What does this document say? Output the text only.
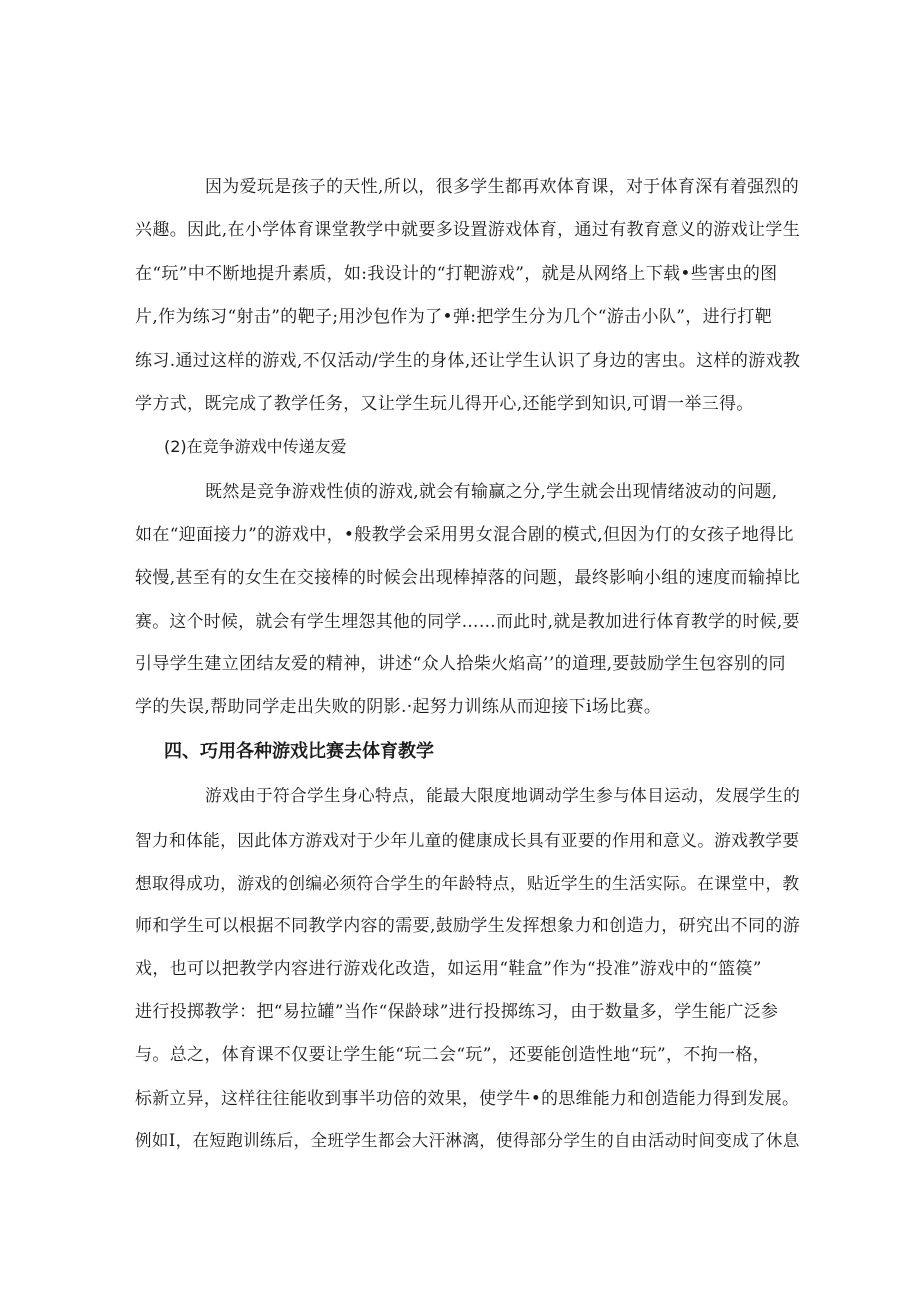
因为爱玩是孩子的天性,所以，很多学生都再欢体育课，对于体育深有着强烈的
兴趣。因此,在小学体育课堂教学中就要多设置游戏体育，通过有教育意义的游戏让学生
在“玩”中不断地提升素质，如:我设计的“打靶游戏”，就是从网络上下载•些害虫的图
片,作为练习“射击”的靶子;用沙包作为了•弹:把学生分为几个“游击小队”，进行打靶
练习.通过这样的游戏,不仅活动/学生的身体,还让学生认识了身边的害虫。这样的游戏教
学方式，既完成了教学任务，又让学生玩儿得开心,还能学到知识,可谓一举三得。
(2)在竞争游戏中传递友爱
既然是竞争游戏性侦的游戏,就会有输赢之分,学生就会出现情绪波动的问题,
如在“迎面接力”的游戏中，•般教学会采用男女混合剧的模式,但因为仃的女孩子地得比
较慢,甚至有的女生在交接棒的时候会出现棒掉落的问题，最终影响小组的速度而输掉比
赛。这个时候，就会有学生埋怨其他的同学……而此时,就是教加进行体育教学的时候,要
引导学生建立团结友爱的精神，讲述“众人拾柴火焰高’’的道理,要鼓励学生包容别的同
学的失误,帮助同学走出失败的阴影.·起努力训练从而迎接下i场比赛。
四、巧用各种游戏比赛去体育教学
游戏由于符合学生身心特点，能最大限度地调动学生参与体目运动，发展学生的
智力和体能，因此体方游戏对于少年儿童的健康成长具有亚要的作用和意义。游戏教学要
想取得成功，游戏的创编必须符合学生的年龄特点，贴近学生的生活实际。在课堂中，教
师和学生可以根据不同教学内容的需要,鼓励学生发挥想象力和创造力，研究出不同的游
戏，也可以把教学内容进行游戏化改造，如运用“鞋盒”作为“投准”游戏中的“篮篌”
进行投掷教学：把“易拉罐”当作“保龄球”进行投掷练习，由于数量多，学生能广泛参
与。总之，体育课不仅要让学生能“玩二会“玩”，还要能创造性地“玩”，不拘一格，
标新立异，这样往往能收到事半功倍的效果，使学牛•的思维能力和创造能力得到发展。
例如I，在短跑训练后，全班学生都会大汗淋漓，使得部分学生的自由活动时间变成了休息
